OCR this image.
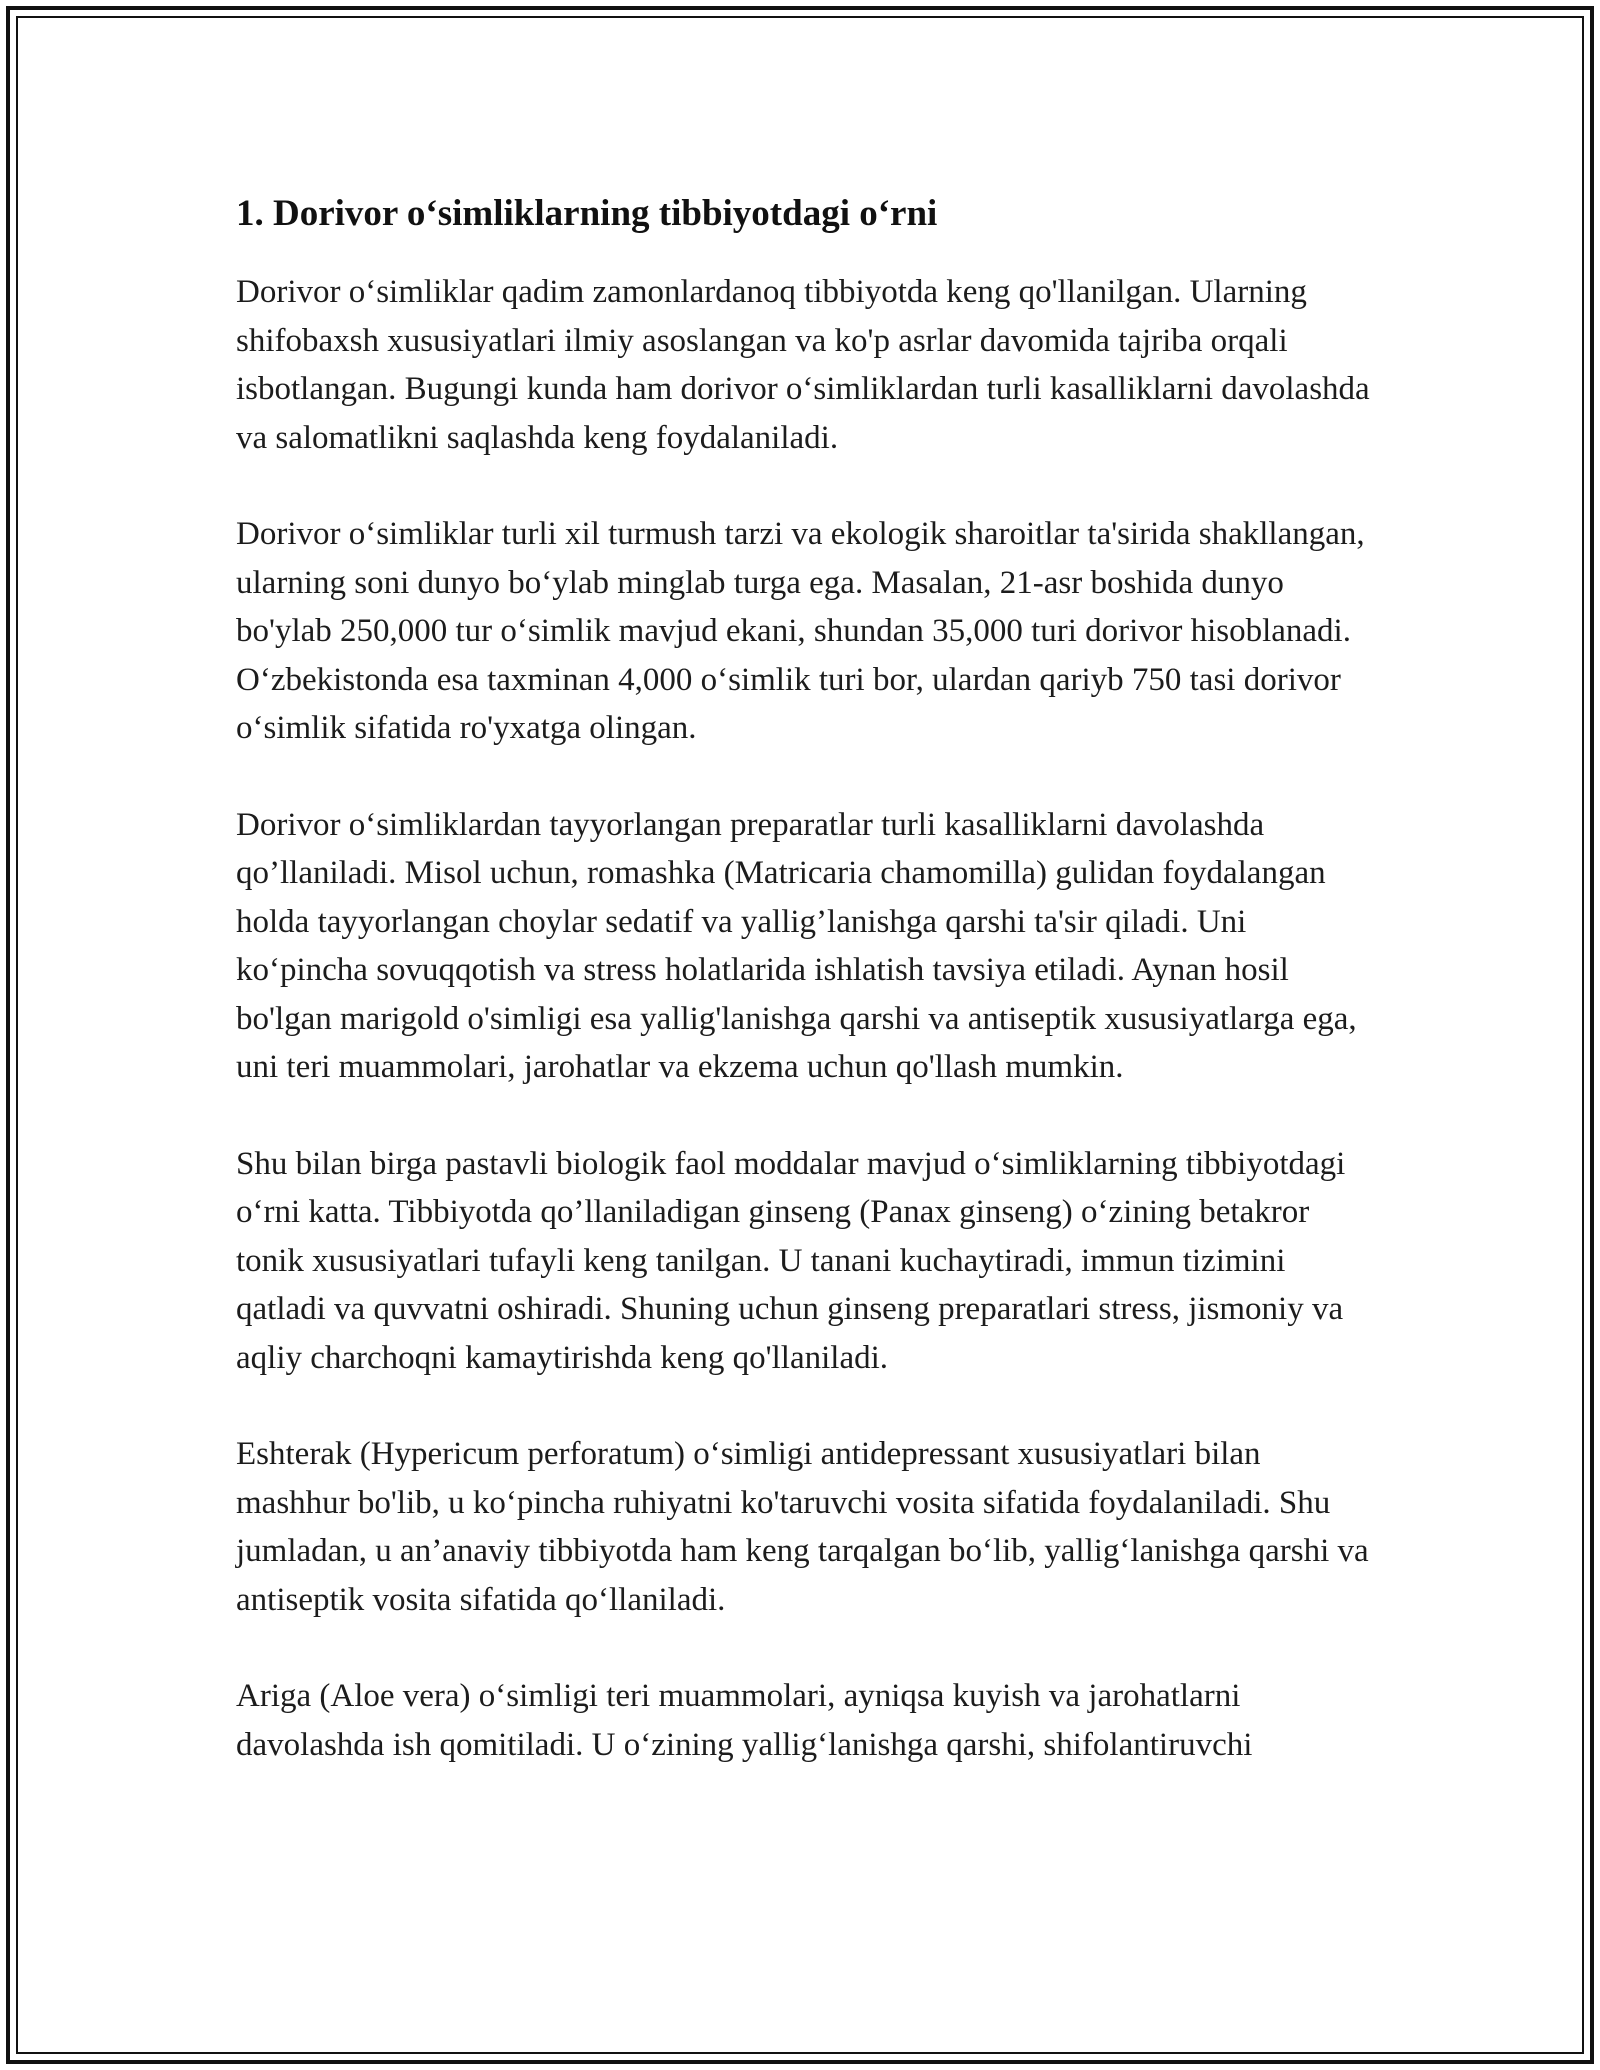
1. Dorivor o‘simliklarning tibbiyotdagi o‘rni

Dorivor o‘simliklar qadim zamonlardanoq tibbiyotda keng qo'llanilgan. Ularning shifobaxsh xususiyatlari ilmiy asoslangan va ko'p asrlar davomida tajriba orqali isbotlangan. Bugungi kunda ham dorivor o‘simliklardan turli kasalliklarni davolashda va salomatlikni saqlashda keng foydalaniladi.

Dorivor o‘simliklar turli xil turmush tarzi va ekologik sharoitlar ta'sirida shakllangan, ularning soni dunyo bo‘ylab minglab turga ega. Masalan, 21-asr boshida dunyo bo'ylab 250,000 tur o‘simlik mavjud ekani, shundan 35,000 turi dorivor hisoblanadi. O‘zbekistonda esa taxminan 4,000 o‘simlik turi bor, ulardan qariyb 750 tasi dorivor o‘simlik sifatida ro'yxatga olingan.

Dorivor o‘simliklardan tayyorlangan preparatlar turli kasalliklarni davolashda qo’llaniladi. Misol uchun, romashka (Matricaria chamomilla) gulidan foydalangan holda tayyorlangan choylar sedatif va yallig’lanishga qarshi ta'sir qiladi. Uni ko‘pincha sovuqqotish va stress holatlarida ishlatish tavsiya etiladi. Aynan hosil bo'lgan marigold o'simligi esa yallig'lanishga qarshi va antiseptik xususiyatlarga ega, uni teri muammolari, jarohatlar va ekzema uchun qo'llash mumkin.

Shu bilan birga pastavli biologik faol moddalar mavjud o‘simliklarning tibbiyotdagi o‘rni katta. Tibbiyotda qo’llaniladigan ginseng (Panax ginseng) o‘zining betakror tonik xususiyatlari tufayli keng tanilgan. U tanani kuchaytiradi, immun tizimini qatladi va quvvatni oshiradi. Shuning uchun ginseng preparatlari stress, jismoniy va aqliy charchoqni kamaytirishda keng qo'llaniladi.

Eshterak (Hypericum perforatum) o‘simligi antidepressant xususiyatlari bilan mashhur bo'lib, u ko‘pincha ruhiyatni ko'taruvchi vosita sifatida foydalaniladi. Shu jumladan, u an’anaviy tibbiyotda ham keng tarqalgan bo‘lib, yallig‘lanishga qarshi va antiseptik vosita sifatida qo‘llaniladi.

Ariga (Aloe vera) o‘simligi teri muammolari, ayniqsa kuyish va jarohatlarni davolashda ish qomitiladi. U o‘zining yallig‘lanishga qarshi, shifolantiruvchi
